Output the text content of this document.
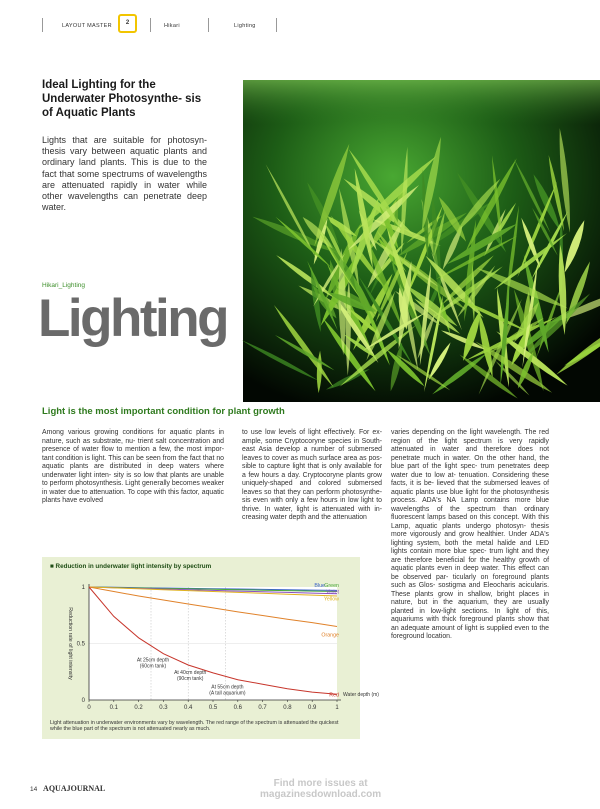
LAYOUT MASTER	2	Hikari	Lighting
Ideal Lighting for the Underwater Photosynthe- sis of Aquatic Plants
Lights that are suitable for photosyn- thesis vary between aquatic plants and ordinary land plants. This is due to the fact that some spectrums of wavelengths are attenuated rapidly in water while other wavelengths can penetrate deep water.
Hikari_Lighting
Lighting
Light is the most important condition for plant growth
Among various growing conditions for aquatic plants in nature, such as substrate, nu- trient salt concentration and presence of water flow to mention a few, the most impor- tant condition is light. This can be seen from the fact that no aquatic plants are distributed in deep waters where underwater light inten- sity is so low that plants are unable to perform photosynthesis. Light generally becomes weaker in water due to attenuation. To cope with this factor, aquatic plants have evolved
to use low levels of light effectively. For ex- ample, some Cryptocoryne species in South- east Asia develop a number of submersed leaves to cover as much surface area as pos- sible to capture light that is only available for a few hours a day. Cryptocoryne plants grow uniquely-shaped and colored submersed leaves so that they can perform photosynthe- sis even with only a few hours in low light to thrive. In water, light is attenuated with in- creasing water depth and the attenuation
varies depending on the light wavelength. The red region of the light spectrum is very rapidly attenuated in water and therefore does not penetrate much in water. On the other hand, the blue part of the light spec- trum penetrates deep water due to low at- tenuation. Considering these facts, it is be- lieved that the submersed leaves of aquatic plants use blue light for the photosynthesis process. ADA's NA Lamp contains more blue wavelengths of the spectrum than ordinary fluorescent lamps based on this concept. With this Lamp, aquatic plants undergo photosyn- thesis more vigorously and grow healthier. Under ADA's lighting system, both the metal halide and LED lights contain more blue spec- trum light and they are therefore beneficial for the healthy growth of aquatic plants even in deep water. This effect can be observed par- ticularly on foreground plants such as Glos- sostigma and Eleocharis acicularis. These plants grow in shallow, bright places in nature, but in the aquarium, they are usually planted in low-light sections. In light of this, aquariums with thick foreground plants show that an adequate amount of light is supplied even to the foreground location.
■ Reduction in underwater light intensity by spectrum
0	0.1	0.2	0.3	0.4	0.5	0.6	0.7	0.8	0.9	1
1
0.5
0
Water depth (m)
Reduction rate of light intensity
Blue Green
Violet
Yellow
Orange
Red
At 25cm depth
(60cm tank)
At 40cm depth
(90cm tank)
At 55cm depth
(A tall aquarium)
Light attenuation in underwater environments vary by wavelength. The red range of the spectrum is attenuated the quickest while the blue part of the spectrum is not attenuated nearly as much.
14 AQUAJOURNAL	Find more issues at
magazinesdownload.com
